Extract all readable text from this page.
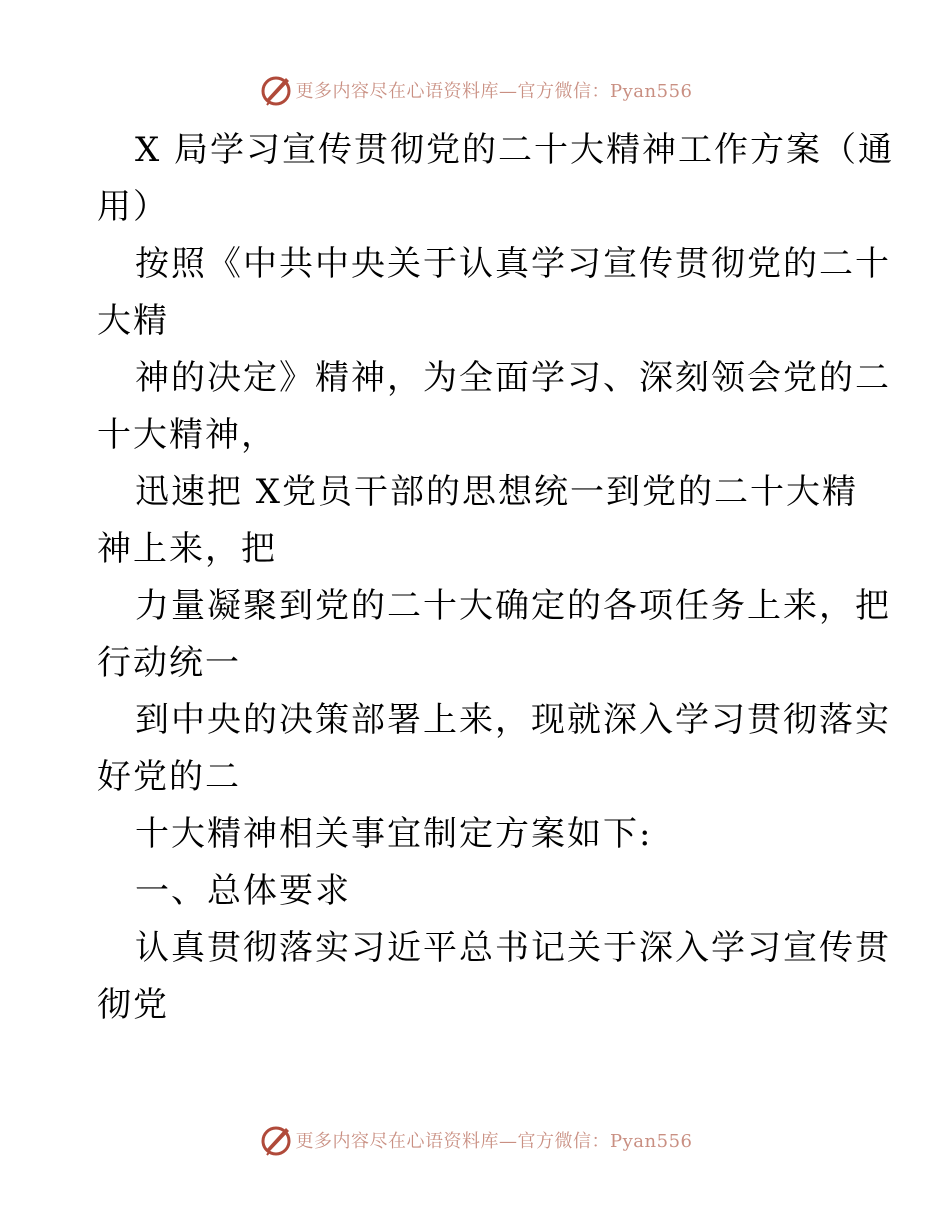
更多内容尽在心语资料库—官方微信：Pyan556
X 局学习宣传贯彻党的二十大精神工作方案（通
用）
按照《中共中央关于认真学习宣传贯彻党的二十
大精
神的决定》精神，为全面学习、深刻领会党的二
十大精神，
迅速把 X党员干部的思想统一到党的二十大精
神上来，把
力量凝聚到党的二十大确定的各项任务上来，把
行动统一
到中央的决策部署上来，现就深入学习贯彻落实
好党的二
十大精神相关事宜制定方案如下:
一、总体要求
认真贯彻落实习近平总书记关于深入学习宣传贯
彻党
更多内容尽在心语资料库—官方微信：Pyan556
